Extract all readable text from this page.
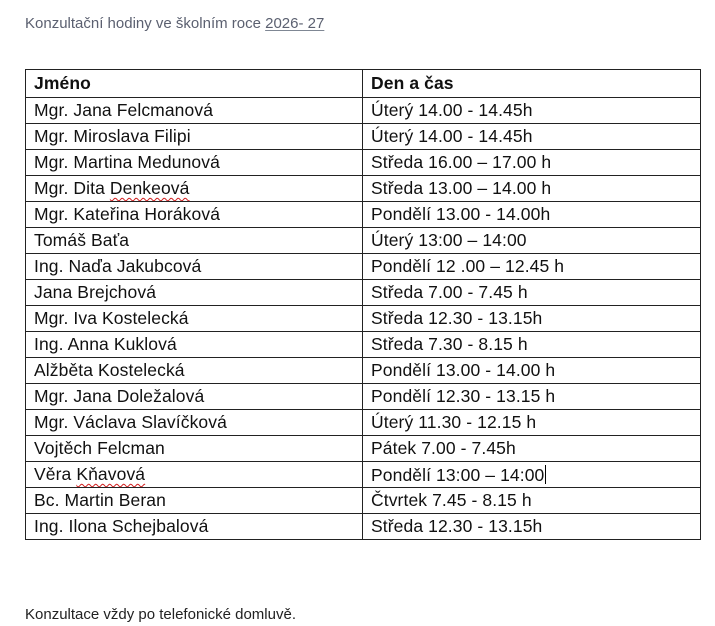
Konzultační hodiny ve školním roce 2026- 27
Jméno	Den a čas
Mgr. Jana Felcmanová	Úterý 14.00 - 14.45h
Mgr. Miroslava Filipi	Úterý 14.00 - 14.45h
Mgr. Martina Medunová	Středa 16.00 – 17.00 h
Mgr. Dita Denkeová	Středa 13.00 – 14.00 h
Mgr. Kateřina Horáková	Pondělí 13.00 - 14.00h
Tomáš Baťa	Úterý 13:00 – 14:00
Ing. Naďa Jakubcová	Pondělí 12 .00 – 12.45 h
Jana Brejchová	Středa 7.00 - 7.45 h
Mgr. Iva Kostelecká	Středa 12.30 - 13.15h
Ing. Anna Kuklová	Středa 7.30 - 8.15 h
Alžběta Kostelecká	Pondělí 13.00 - 14.00 h
Mgr. Jana Doležalová	Pondělí 12.30 - 13.15 h
Mgr. Václava Slavíčková	Úterý 11.30 - 12.15 h
Vojtěch Felcman	Pátek 7.00 - 7.45h
Věra Kňavová	Pondělí 13:00 – 14:00
Bc. Martin Beran	Čtvrtek 7.45 - 8.15 h
Ing. Ilona Schejbalová	Středa 12.30 - 13.15h
Konzultace vždy po telefonické domluvě.
